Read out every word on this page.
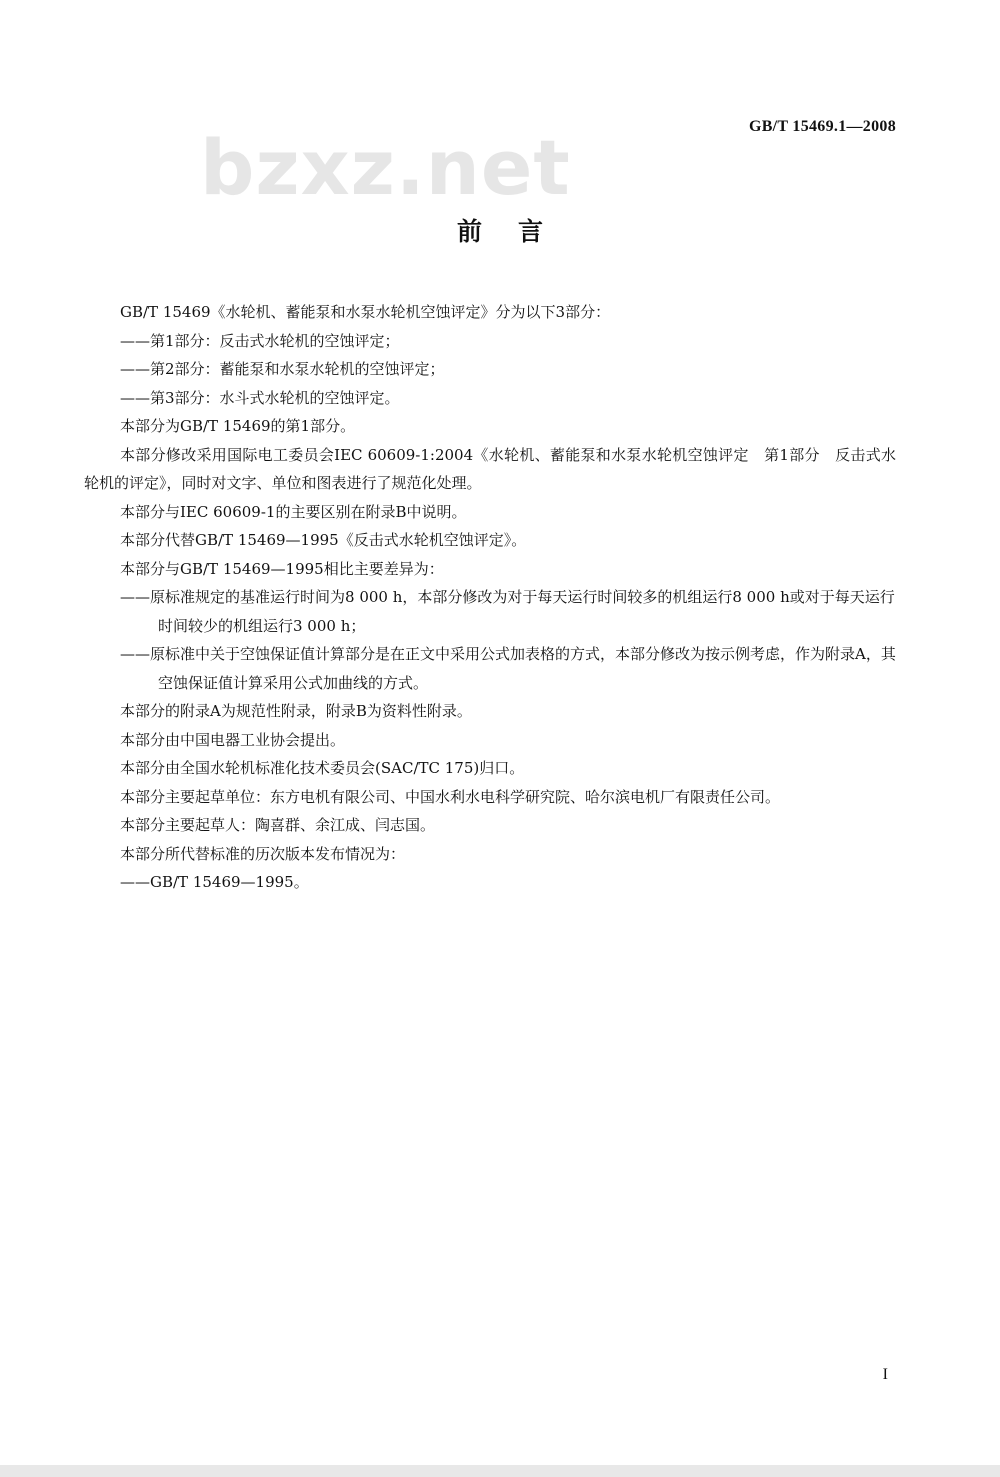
GB/T 15469.1—2008
bzxz.net
前言

GB/T 15469《水轮机、蓄能泵和水泵水轮机空蚀评定》分为以下3部分：

——第1部分：反击式水轮机的空蚀评定；

——第2部分：蓄能泵和水泵水轮机的空蚀评定；

——第3部分：水斗式水轮机的空蚀评定。

本部分为GB/T 15469的第1部分。

本部分修改采用国际电工委员会IEC 60609-1:2004《水轮机、蓄能泵和水泵水轮机空蚀评定　第1部分　反击式水轮机的评定》，同时对文字、单位和图表进行了规范化处理。

本部分与IEC 60609-1的主要区别在附录B中说明。

本部分代替GB/T 15469—1995《反击式水轮机空蚀评定》。

本部分与GB/T 15469—1995相比主要差异为：

——原标准规定的基准运行时间为8 000 h，本部分修改为对于每天运行时间较多的机组运行8 000 h或对于每天运行时间较少的机组运行3 000 h；

——原标准中关于空蚀保证值计算部分是在正文中采用公式加表格的方式，本部分修改为按示例考虑，作为附录A，其空蚀保证值计算采用公式加曲线的方式。

本部分的附录A为规范性附录，附录B为资料性附录。

本部分由中国电器工业协会提出。

本部分由全国水轮机标准化技术委员会(SAC/TC 175)归口。

本部分主要起草单位：东方电机有限公司、中国水利水电科学研究院、哈尔滨电机厂有限责任公司。

本部分主要起草人：陶喜群、余江成、闫志国。

本部分所代替标准的历次版本发布情况为：

——GB/T 15469—1995。

I
